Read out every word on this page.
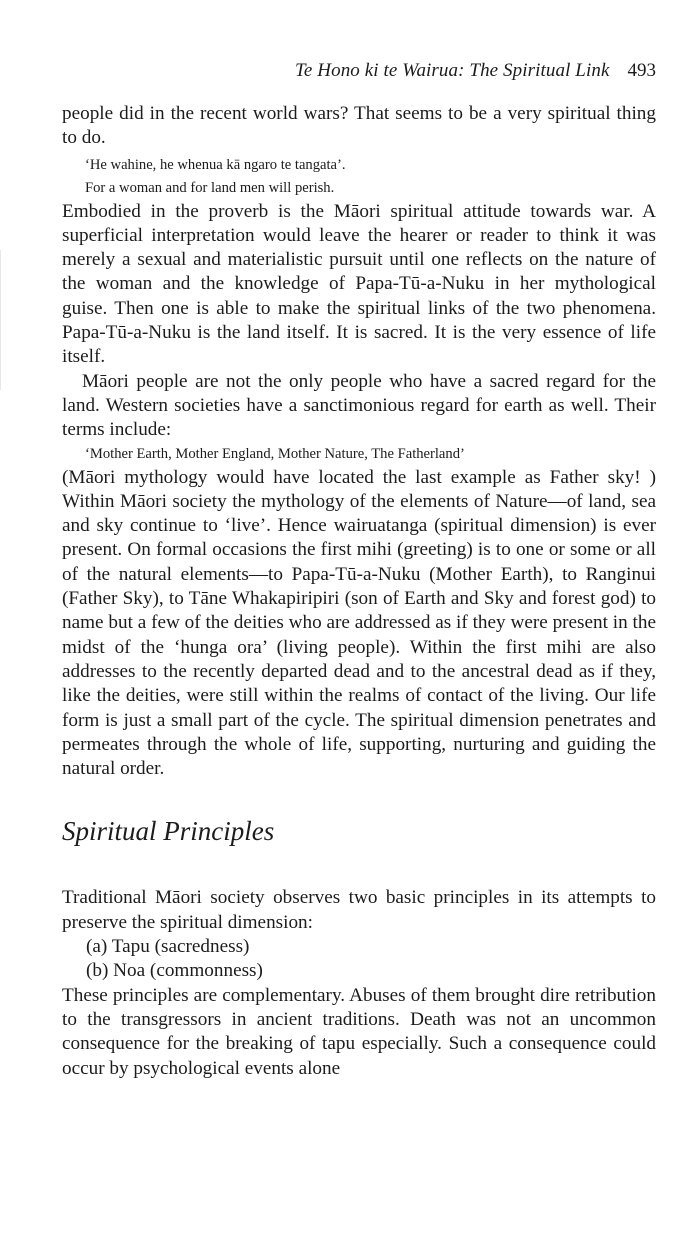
Te Hono ki te Wairua: The Spiritual Link 493

people did in the recent world wars? That seems to be a very spiritual thing to do.

‘He wahine, he whenua kā ngaro te tangata’.

For a woman and for land men will perish.

Embodied in the proverb is the Māori spiritual attitude towards war. A superficial interpretation would leave the hearer or reader to think it was merely a sexual and materialistic pursuit until one reflects on the nature of the woman and the knowledge of Papa-Tū-a-Nuku in her mythological guise. Then one is able to make the spiritual links of the two phenomena. Papa-Tū-a-Nuku is the land itself. It is sacred. It is the very essence of life itself.

Māori people are not the only people who have a sacred regard for the land. Western societies have a sanctimonious regard for earth as well. Their terms include:

‘Mother Earth, Mother England, Mother Nature, The Fatherland’

(Māori mythology would have located the last example as Father sky! ) Within Māori society the mythology of the elements of Nature—of land, sea and sky continue to ‘live’. Hence wairuatanga (spiritual dimension) is ever present. On formal occasions the first mihi (greeting) is to one or some or all of the natural elements—to Papa-Tū-a-Nuku (Mother Earth), to Ranginui (Father Sky), to Tāne Whakapiripiri (son of Earth and Sky and forest god) to name but a few of the deities who are addressed as if they were present in the midst of the ‘hunga ora’ (living people). Within the first mihi are also addresses to the recently departed dead and to the ancestral dead as if they, like the deities, were still within the realms of contact of the living. Our life form is just a small part of the cycle. The spiritual dimension penetrates and permeates through the whole of life, supporting, nurturing and guiding the natural order.

Spiritual Principles

Traditional Māori society observes two basic principles in its attempts to preserve the spiritual dimension:

(a) Tapu (sacredness)
(b) Noa (commonness)

These principles are complementary. Abuses of them brought dire retribution to the transgressors in ancient traditions. Death was not an uncommon consequence for the breaking of tapu especially. Such a consequence could occur by psychological events alone
